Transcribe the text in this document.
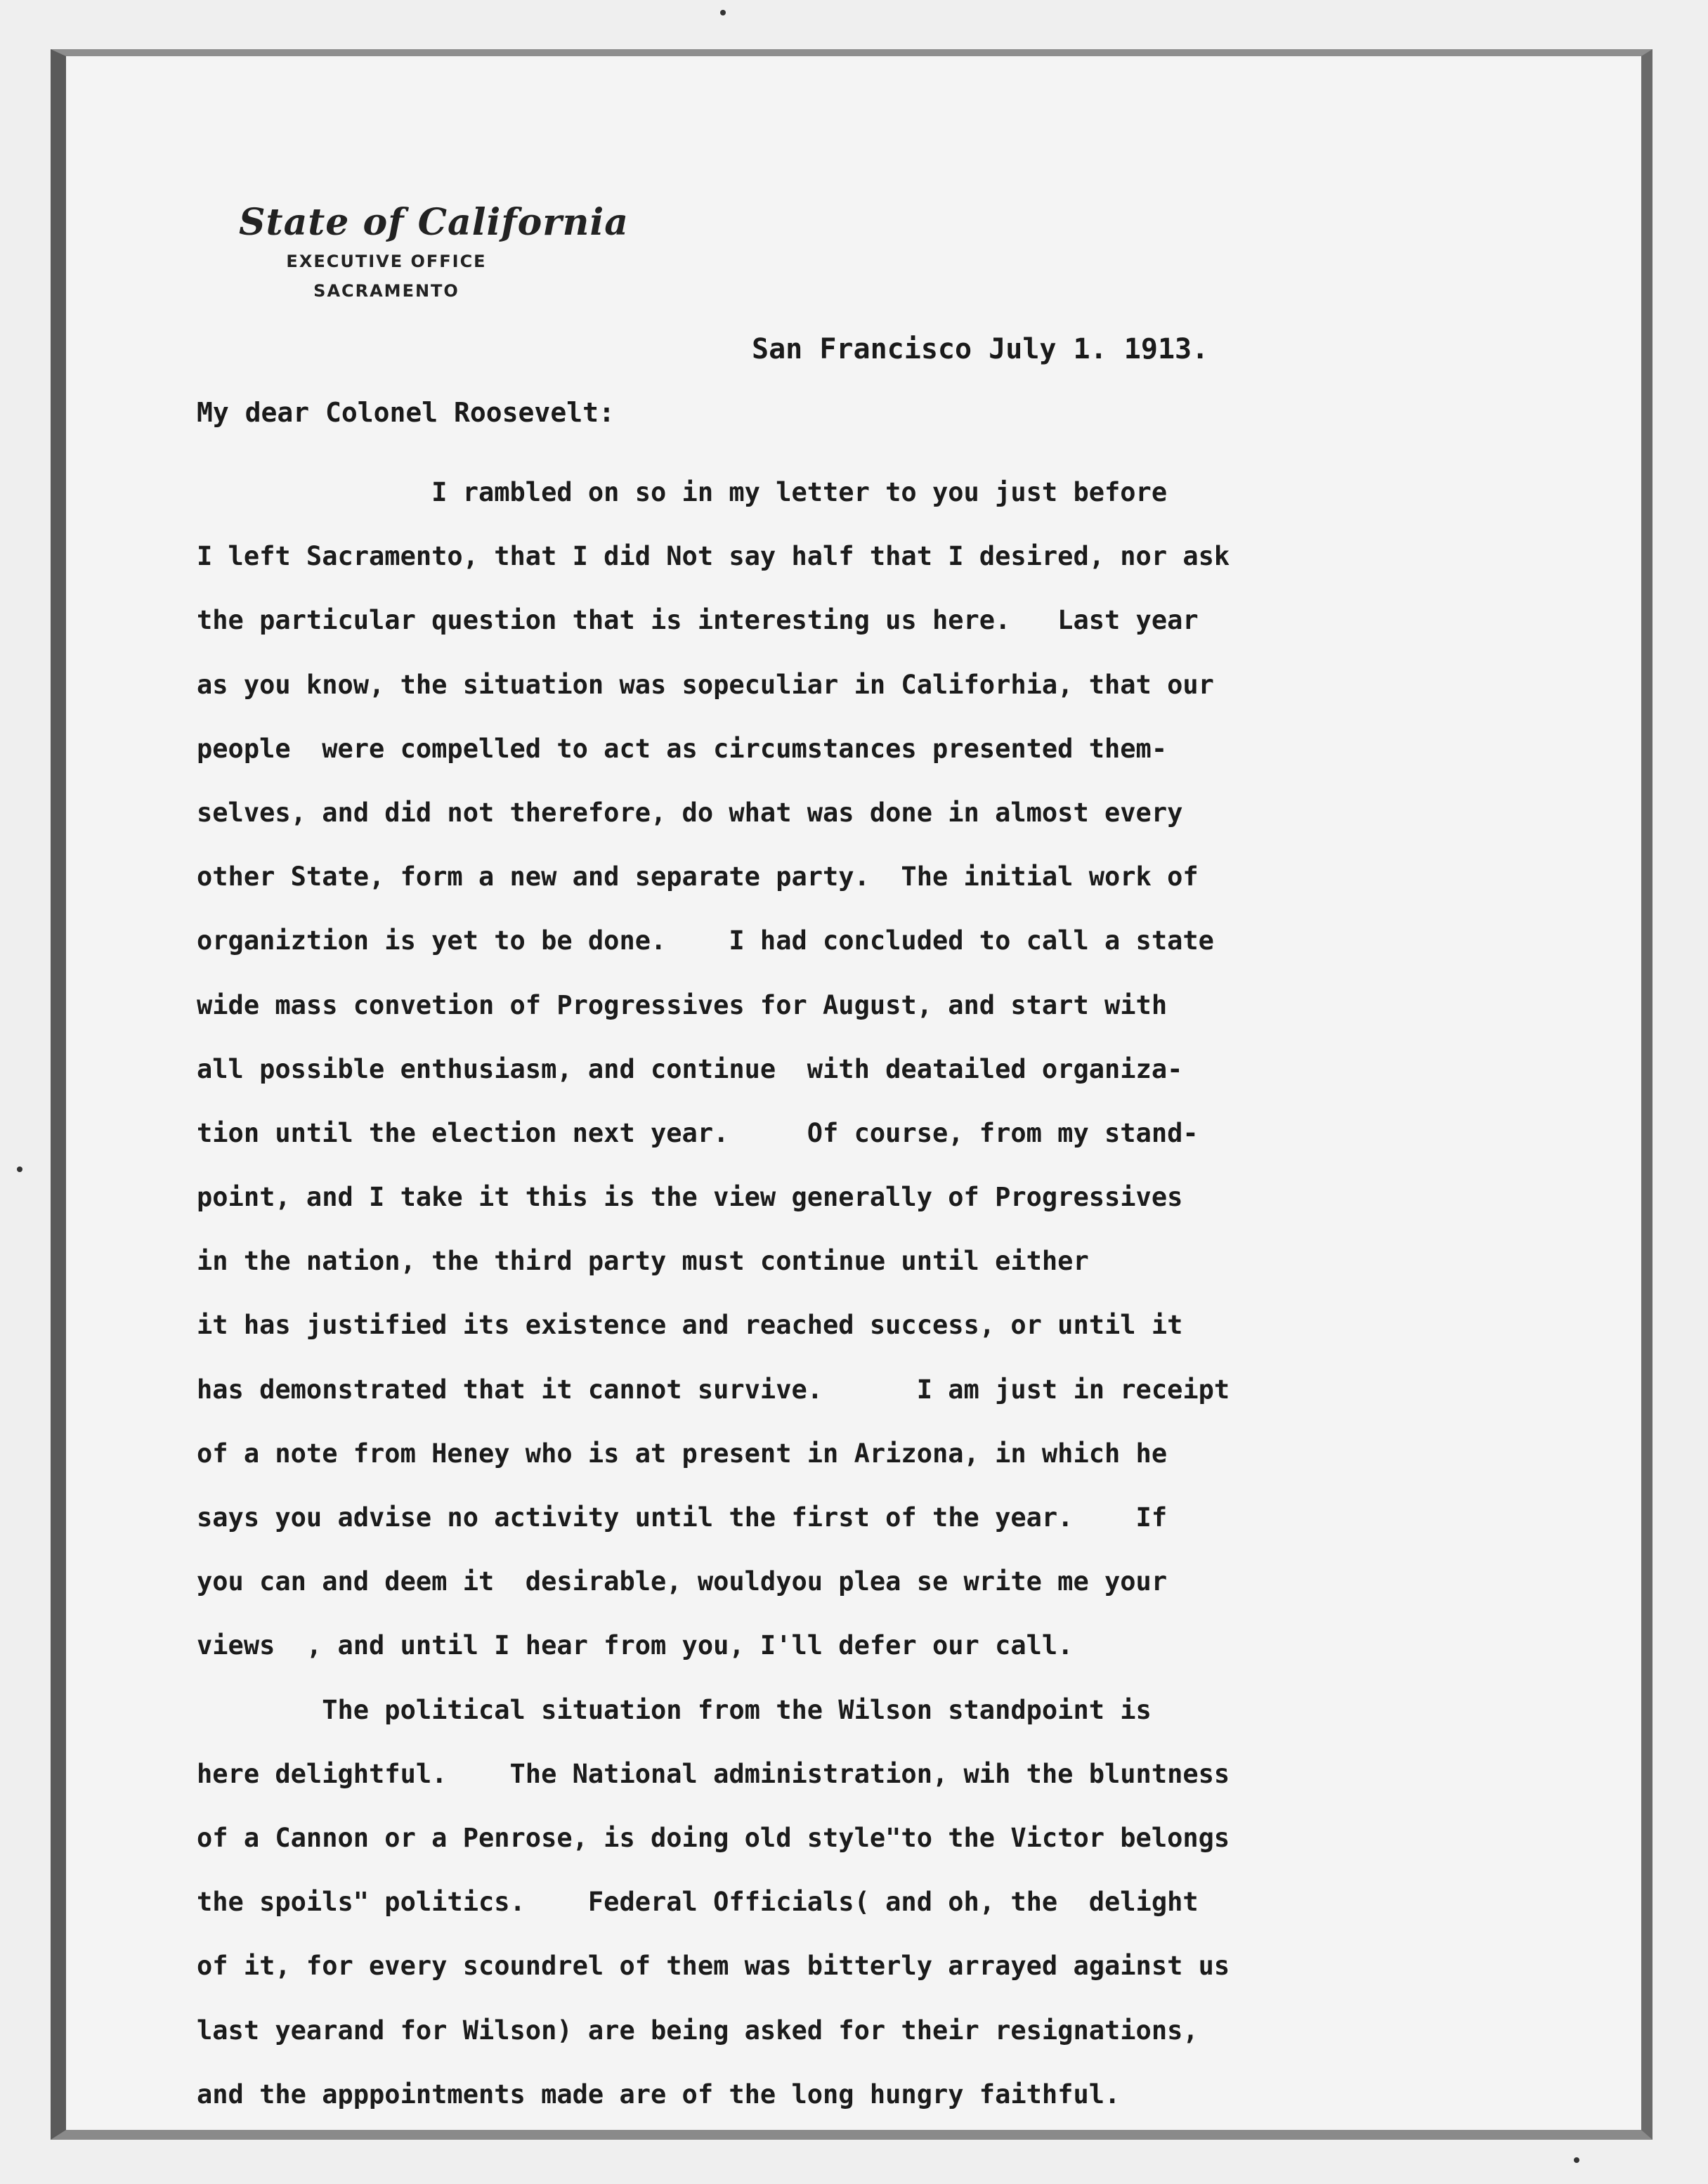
State of California
EXECUTIVE OFFICE
SACRAMENTO
San Francisco July 1. 1913.
My dear Colonel Roosevelt:
I rambled on so in my letter to you just before
I left Sacramento, that I did Not say half that I desired, nor ask
the particular question that is interesting us here.   Last year
as you know, the situation was sopeculiar in Califorhia, that our
people  were compelled to act as circumstances presented them-
selves, and did not therefore, do what was done in almost every
other State, form a new and separate party.  The initial work of
organiztion is yet to be done.    I had concluded to call a state
wide mass convetion of Progressives for August, and start with
all possible enthusiasm, and continue  with deatailed organiza-
tion until the election next year.     Of course, from my stand-
point, and I take it this is the view generally of Progressives
in the nation, the third party must continue until either
it has justified its existence and reached success, or until it
has demonstrated that it cannot survive.      I am just in receipt
of a note from Heney who is at present in Arizona, in which he
says you advise no activity until the first of the year.    If
you can and deem it  desirable, wouldyou plea se write me your
views  , and until I hear from you, I'll defer our call.
The political situation from the Wilson standpoint is
here delightful.    The National administration, wih the bluntness
of a Cannon or a Penrose, is doing old style"to the Victor belongs
the spoils" politics.    Federal Officials( and oh, the  delight
of it, for every scoundrel of them was bitterly arrayed against us
last yearand for Wilson) are being asked for their resignations,
and the apppointments made are of the long hungry faithful.
